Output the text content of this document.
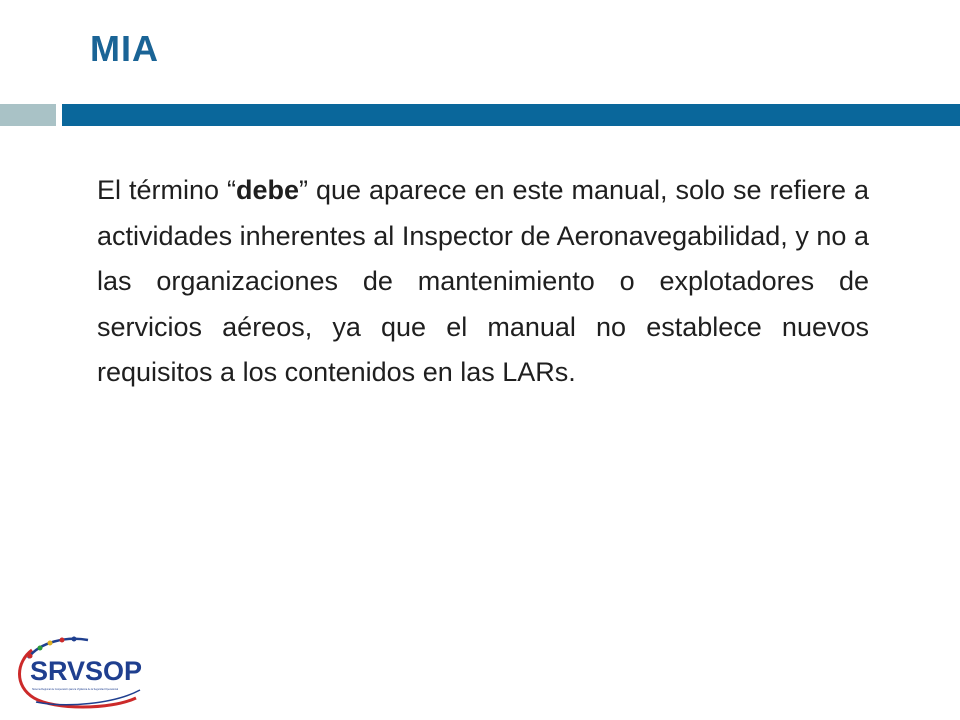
MIA

El término “debe” que aparece en este manual, solo se refiere a actividades inherentes al Inspector de Aeronavegabilidad, y no a las organizaciones de mantenimiento o explotadores de servicios aéreos, ya que el manual no establece nuevos requisitos a los contenidos en las LARs.

SRVSOP
Sistema Regional de Cooperación para la Vigilancia de la Seguridad Operacional
